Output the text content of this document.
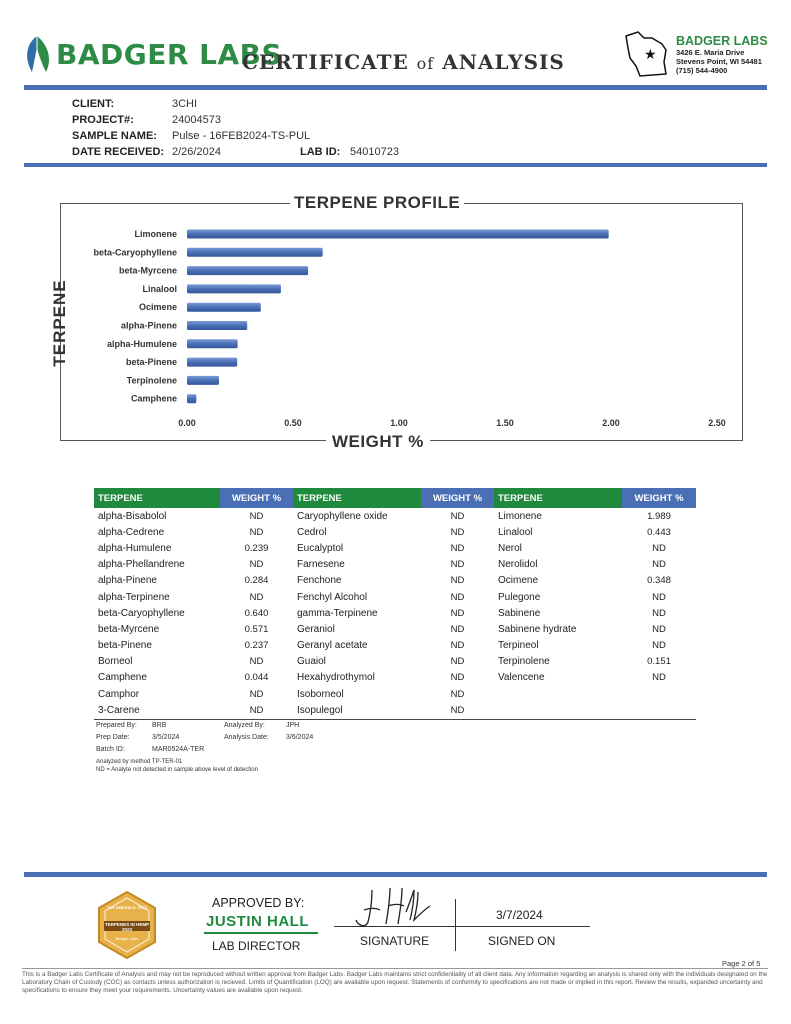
BADGER LABS
CERTIFICATE of ANALYSIS	★
BADGER LABS
3426 E. Maria Drive
Stevens Point, WI 54481
(715) 544-4900
CLIENT:	3CHI
PROJECT#:	24004573
SAMPLE NAME: Pulse - 16FEB2024-TS-PUL
DATE RECEIVED: 2/26/2024	LAB ID: 54010723
TERPENE PROFILE
WEIGHT %
TERPENE
Limonene
beta-Caryophyllene
beta-Myrcene
Linalool
Ocimene
alpha-Pinene
alpha-Humulene
beta-Pinene
Terpinolene
Camphene
0.00	0.50	1.00	1.50	2.00	2.50
TERPENE	WEIGHT %	TERPENE	WEIGHT %	TERPENE	WEIGHT %
alpha-Bisabolol	ND	Caryophyllene oxide	ND	Limonene	1.989
alpha-Cedrene	ND	Cedrol	ND	Linalool	0.443
alpha-Humulene	0.239	Eucalyptol	ND	Nerol	ND
alpha-Phellandrene	ND	Farnesene	ND	Nerolidol	ND
alpha-Pinene	0.284	Fenchone	ND	Ocimene	0.348
alpha-Terpinene	ND	Fenchyl Alcohol	ND	Pulegone	ND
beta-Caryophyllene	0.640	gamma-Terpinene	ND	Sabinene	ND
beta-Myrcene	0.571	Geraniol	ND	Sabinene hydrate	ND
beta-Pinene	0.237	Geranyl acetate	ND	Terpineol	ND
Borneol	ND	Guaiol	ND	Terpinolene	0.151
Camphene	0.044	Hexahydrothymol	ND	Valencene	ND
Camphor	ND	Isoborneol	ND		
3-Carene	ND	Isopulegol	ND		
Prepared By: BRB	Analyzed By:	JPH
Prep Date:	3/5/2024	Analysis Date: 3/6/2024
Batch ID:	MAR0524A-TER
Analyzed by method TP-TER-01
ND = Analyte not detected in sample above level of detection
THE EMERALD TEST
TERPENES IN HEMP 2023
Badger Labs
APPROVED BY:
JUSTIN HALL
LAB DIRECTOR	SIGNATURE
3/7/2024
SIGNED ON
Page 2 of 5
This is a Badger Labs Certificate of Analysis and may not be reproduced without written approval from Badger Labs. Badger Labs maintains strict confidentiality of all client data. Any information regarding an analysis is shared only with the individuals designated on the Laboratory Chain of Custody (COC) as contacts unless authorization is recieved. Limits of Quantification (LOQ) are available upon request. Statements of conformity to specifications are not made or implied in this report. Review the results, expanded uncertainty and specifications to ensure they meet your requirements. Uncertainty values are available upon request.
